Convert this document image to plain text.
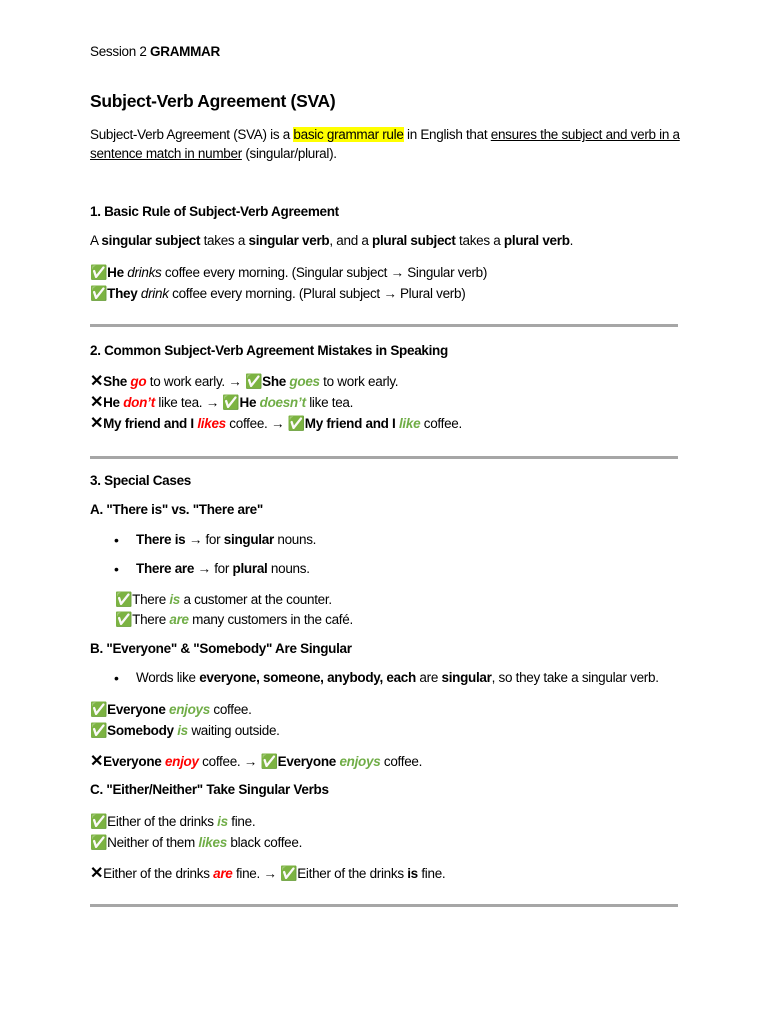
Session 2 GRAMMAR
Subject-Verb Agreement (SVA)
Subject-Verb Agreement (SVA) is a basic grammar rule in English that ensures the subject and verb in a
sentence match in number (singular/plural).
1. Basic Rule of Subject-Verb Agreement
A singular subject takes a singular verb, and a plural subject takes a plural verb.
✅He drinks coffee every morning. (Singular subject → Singular verb)
✅They drink coffee every morning. (Plural subject → Plural verb)
2. Common Subject-Verb Agreement Mistakes in Speaking
✕She go to work early. → ✅She goes to work early.
✕He don’t like tea. → ✅He doesn’t like tea.
✕My friend and I likes coffee. → ✅My friend and I like coffee.
3. Special Cases
A. "There is" vs. "There are"
• There is → for singular nouns.
• There are → for plural nouns.
✅There is a customer at the counter.
✅There are many customers in the café.
B. "Everyone" & "Somebody" Are Singular
• Words like everyone, someone, anybody, each are singular, so they take a singular verb.
✅Everyone enjoys coffee.
✅Somebody is waiting outside.
✕Everyone enjoy coffee. → ✅Everyone enjoys coffee.
C. "Either/Neither" Take Singular Verbs
✅Either of the drinks is fine.
✅Neither of them likes black coffee.
✕Either of the drinks are fine. → ✅Either of the drinks is fine.
